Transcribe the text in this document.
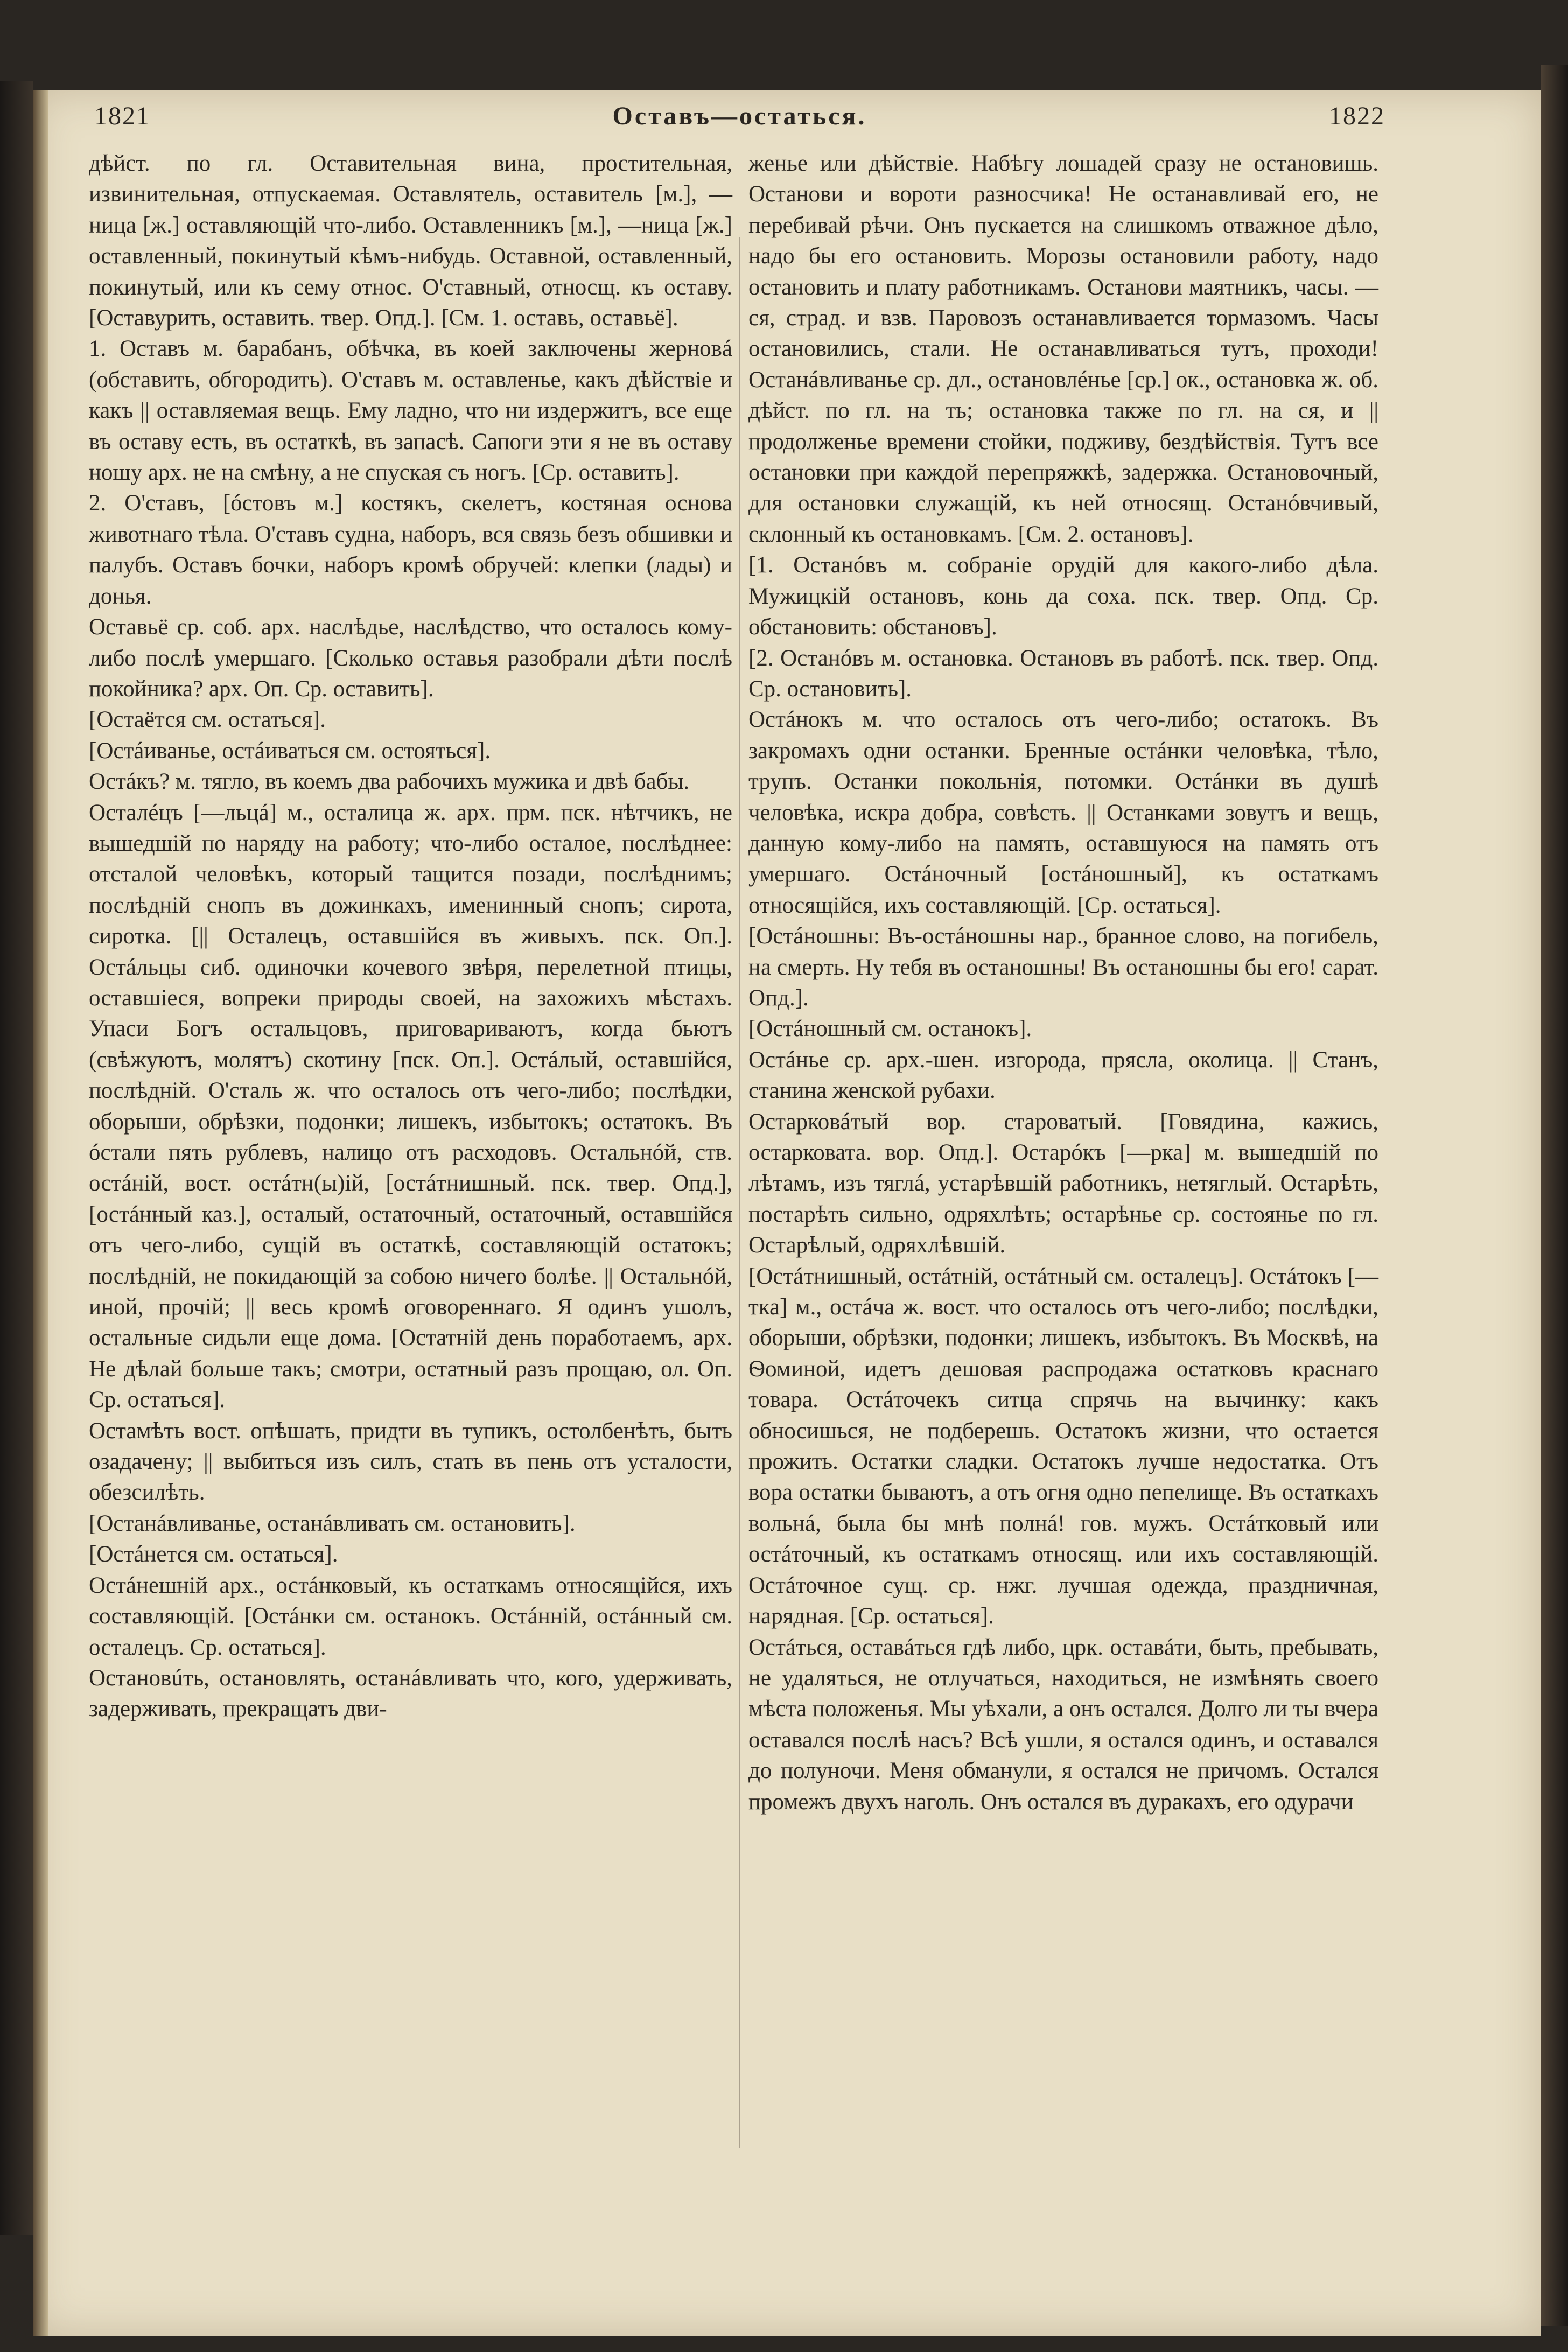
1821	Оставъ—остаться.	1822

дѣйст. по гл. Оставительная вина, простительная, извинительная, отпускаемая. Оставлятель, оставитель [м.], —ница [ж.] оставляющій что-либо. Оставленникъ [м.], —ница [ж.] оставленный, покинутый кѣмъ-нибудь. Оставной, оставленный, покинутый, или къ сему относ. О'ставный, относщ. къ оставу. [Оставурить, оставить. твер. Опд.]. [См. 1. оставь, оставьё].

1. Оставъ м. барабанъ, обѣчка, въ коей заключены жерновá (обставить, обгородить). О'ставъ м. оставленье, какъ дѣйствіе и какъ || оставляемая вещь. Ему ладно, что ни издержитъ, все еще въ оставу есть, въ остаткѣ, въ запасѣ. Сапоги эти я не въ оставу ношу арх. не на смѣну, а не спуская съ ногъ. [Ср. оставить].

2. О'ставъ, [óстовъ м.] костякъ, скелетъ, костяная основа животнаго тѣла. О'ставъ судна, наборъ, вся связь безъ обшивки и палубъ. Оставъ бочки, наборъ кромѣ обручей: клепки (лады) и донья.

Оставьё ср. соб. арх. наслѣдье, наслѣдство, что осталось кому-либо послѣ умершаго. [Сколько оставья разобрали дѣти послѣ покойника? арх. Оп. Ср. оставить].

[Остаётся см. остаться].

[Остáиванье, остáиваться см. остояться].

Остáкъ? м. тягло, въ коемъ два рабочихъ мужика и двѣ бабы.

Осталéцъ [—льцá] м., осталица ж. арх. прм. пск. нѣтчикъ, не вышедшій по наряду на работу; что-либо осталое, послѣднее: отсталой человѣкъ, который тащится позади, послѣднимъ; послѣдній снопъ въ дожинкахъ, именинный снопъ; сирота, сиротка. [|| Осталецъ, оставшійся въ живыхъ. пск. Оп.]. Остáльцы сиб. одиночки кочевого звѣря, перелетной птицы, оставшіеся, вопреки природы своей, на захожихъ мѣстахъ. Упаси Богъ остальцовъ, приговариваютъ, когда бьютъ (свѣжуютъ, молятъ) скотину [пск. Оп.]. Остáлый, оставшійся, послѣдній. О'сталь ж. что осталось отъ чего-либо; послѣдки, оборыши, обрѣзки, подонки; лишекъ, избытокъ; остатокъ. Въ óстали пять рублевъ, налицо отъ расходовъ. Остальнóй, ств. остáній, вост. остáтн(ы)ій, [остáтнишный. пск. твер. Опд.], [остáнный каз.], осталый, остаточный, остаточный, оставшійся отъ чего-либо, сущій въ остаткѣ, составляющій остатокъ; послѣдній, не покидающій за собою ничего болѣе. || Остальнóй, иной, прочій; || весь кромѣ оговореннаго. Я одинъ ушолъ, остальные сидьли еще дома. [Остатній день поработаемъ, арх. Не дѣлай больше такъ; смотри, остатный разъ прощаю, ол. Оп. Ср. остаться].

Остамѣть вост. опѣшать, придти въ тупикъ, остолбенѣть, быть озадачену; || выбиться изъ силъ, стать въ пень отъ усталости, обезсилѣть.

[Останáвливанье, останáвливать см. остановить].

[Остáнется см. остаться].

Остáнешній арх., остáнковый, къ остаткамъ относящійся, ихъ составляющій. [Остáнки см. останокъ. Остáнній, остáнный см. осталецъ. Ср. остаться].

Остановúть, остановлять, останáвливать что, кого, удерживать, задерживать, прекращать дви-

женье или дѣйствіе. Набѣгу лошадей сразу не остановишь. Останови и вороти разносчика! Не останавливай его, не перебивай рѣчи. Онъ пускается на слишкомъ отважное дѣло, надо бы его остановить. Морозы остановили работу, надо остановить и плату работникамъ. Останови маятникъ, часы. —ся, страд. и взв. Паровозъ останавливается тормазомъ. Часы остановились, стали. Не останавливаться тутъ, проходи! Останáвливанье ср. дл., остановлéнье [ср.] ок., остановка ж. об. дѣйст. по гл. на ть; остановка также по гл. на ся, и || продолженье времени стойки, подживу, бездѣйствія. Тутъ все остановки при каждой перепряжкѣ, задержка. Остановочный, для остановки служащій, къ ней относящ. Останóвчивый, склонный къ остановкамъ. [См. 2. остановъ].

[1. Останóвъ м. собраніе орудій для какого-либо дѣла. Мужицкій остановъ, конь да соха. пск. твер. Опд. Ср. обстановить: обстановъ].

[2. Останóвъ м. остановка. Остановъ въ работѣ. пск. твер. Опд. Ср. остановить].

Остáнокъ м. что осталось отъ чего-либо; остатокъ. Въ закромахъ одни останки. Бренные остáнки человѣка, тѣло, трупъ. Останки покольнія, потомки. Остáнки въ душѣ человѣка, искра добра, совѣсть. || Останками зовутъ и вещь, данную кому-либо на память, оставшуюся на память отъ умершаго. Остáночный [остáношный], къ остаткамъ относящійся, ихъ составляющій. [Ср. остаться].

[Остáношны: Въ-остáношны нар., бранное слово, на погибель, на смерть. Ну тебя въ останошны! Въ останошны бы его! сарат. Опд.].

[Остáношный см. останокъ].

Остáнье ср. арх.-шен. изгорода, прясла, околица. || Станъ, станина женской рубахи.

Остарковáтый вор. староватый. [Говядина, кажись, остарковата. вор. Опд.]. Остарóкъ [—рка] м. вышедшій по лѣтамъ, изъ тяглá, устарѣвшій работникъ, нетяглый. Остарѣть, постарѣть сильно, одряхлѣть; остарѣнье ср. состоянье по гл. Остарѣлый, одряхлѣвшій.

[Остáтнишный, остáтній, остáтный см. осталецъ]. Остáтокъ [—тка] м., остáча ж. вост. что осталось отъ чего-либо; послѣдки, оборыши, обрѣзки, подонки; лишекъ, избытокъ. Въ Москвѣ, на Ѳоминой, идетъ дешовая распродажа остатковъ краснаго товара. Остáточекъ ситца спрячь на вычинку: какъ обносишься, не подберешь. Остатокъ жизни, что остается прожить. Остатки сладки. Остатокъ лучше недостатка. Отъ вора остатки бываютъ, а отъ огня одно пепелище. Въ остаткахъ вольнá, была бы мнѣ полнá! гов. мужъ. Остáтковый или остáточный, къ остаткамъ относящ. или ихъ составляющій. Остáточное сущ. ср. нжг. лучшая одежда, праздничная, нарядная. [Ср. остаться].

Остáться, оставáться гдѣ либо, црк. оставáти, быть, пребывать, не удаляться, не отлучаться, находиться, не измѣнять своего мѣста положенья. Мы уѣхали, а онъ остался. Долго ли ты вчера оставался послѣ насъ? Всѣ ушли, я остался одинъ, и оставался до полуночи. Меня обманули, я остался не причомъ. Остался промежъ двухъ наголь. Онъ остался въ дуракахъ, его одурачи
